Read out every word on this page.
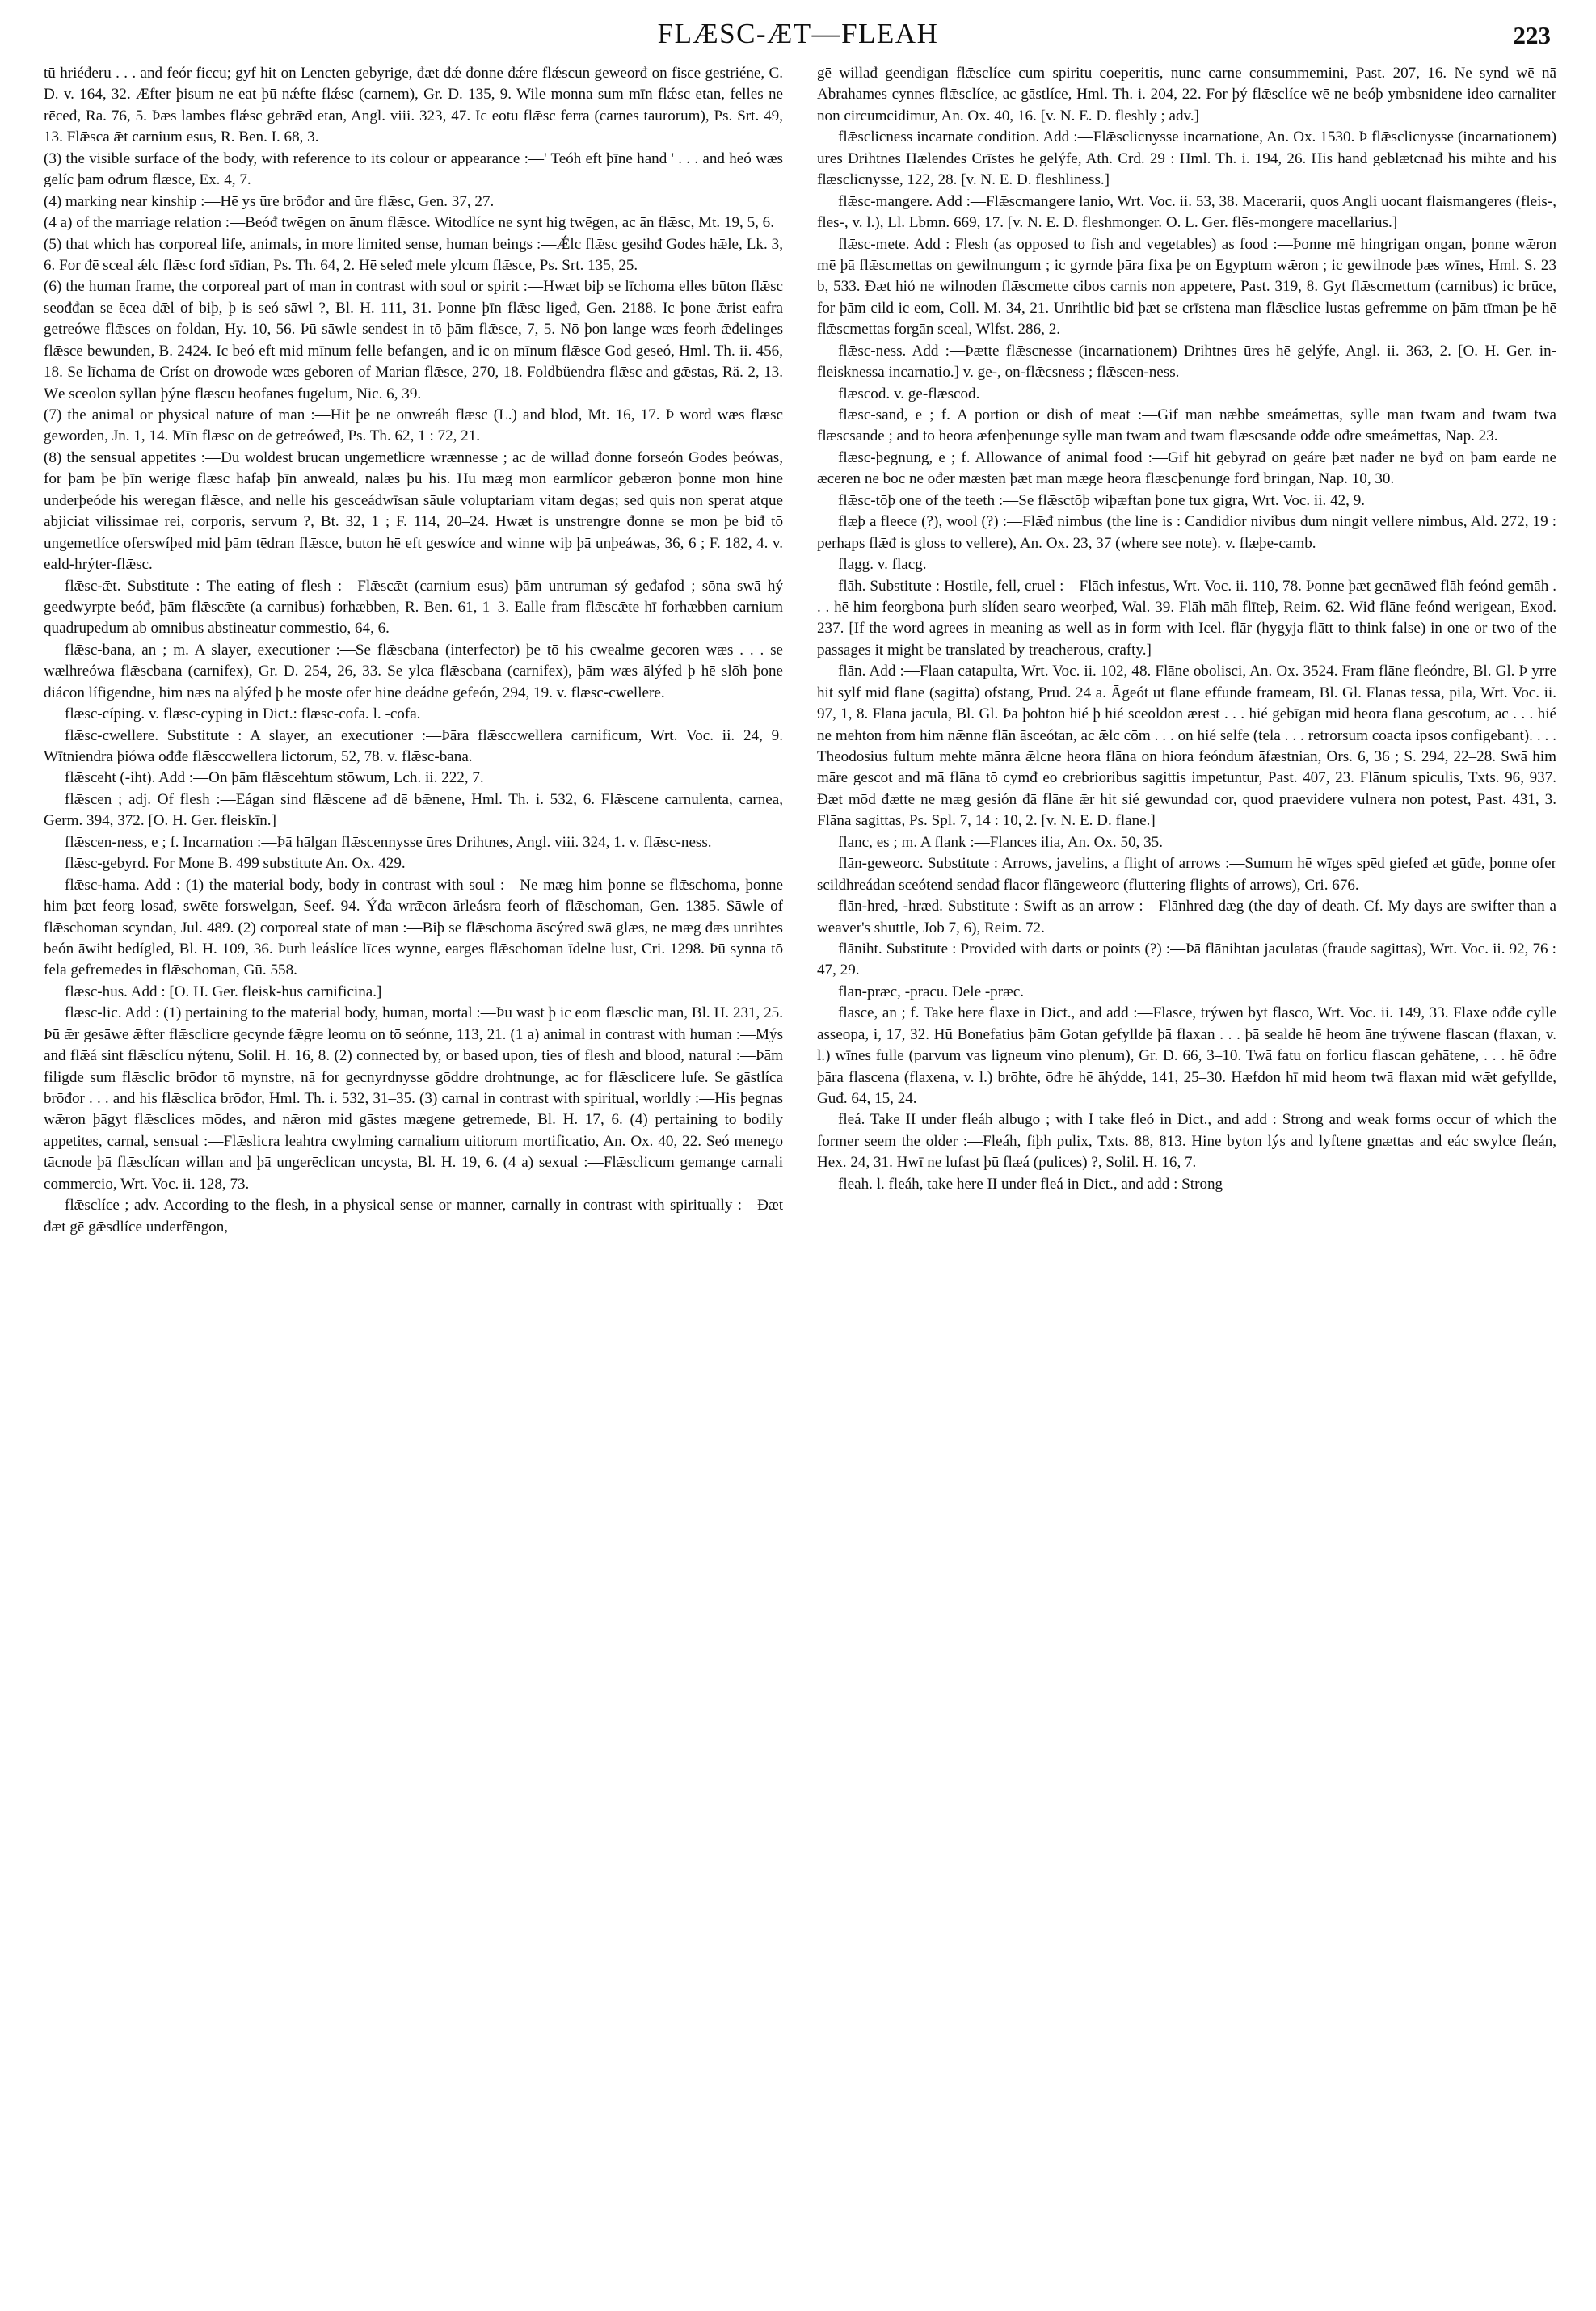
FLÆSC-ÆT—FLEAH	223

tū hriéđeru . . . and feór ficcu; gyf hit on Lencten gebyrige, đæt đǽ đonne đǽre flǽscun geweorđ on fisce gestriéne, C. D. v. 164, 32. Æfter þisum ne eat þū nǽfte flǽsc (carnem), Gr. D. 135, 9. Wile monna sum mīn flǽsc etan, felles ne rēceđ, Ra. 76, 5. Þæs lambes flǽsc gebrǣd etan, Angl. viii. 323, 47. Ic eotu flǣsc ferra (carnes taurorum), Ps. Srt. 49, 13. Flǣsca ǣt carnium esus, R. Ben. I. 68, 3.

(3) the visible surface of the body, with reference to its colour or appearance :—' Teóh eft þīne hand ' . . . and heó wæs gelíc þām ōđrum flǣsce, Ex. 4, 7.

(4) marking near kinship :—Hē ys ūre brōđor and ūre flǣsc, Gen. 37, 27.

(4 a) of the marriage relation :—Beóđ twēgen on ānum flǣsce. Witodlíce ne synt hig twēgen, ac ān flǣsc, Mt. 19, 5, 6.

(5) that which has corporeal life, animals, in more limited sense, human beings :—Ǽlc flǣsc gesihđ Godes hǣle, Lk. 3, 6. For đē sceal ǽlc flǣsc forđ sīđian, Ps. Th. 64, 2. Hē seleđ mele ylcum flǣsce, Ps. Srt. 135, 25.

(6) the human frame, the corporeal part of man in contrast with soul or spirit :—Hwæt biþ se līchoma elles būton flǣsc seođđan se ēcea dǣl of biþ, þ is seó sāwl ?, Bl. H. 111, 31. Þonne þīn flǣsc ligeđ, Gen. 2188. Ic þone ǣrist eafra getreówe flǣsces on foldan, Hy. 10, 56. Þū sāwle sendest in tō þām flǣsce, 7, 5. Nō þon lange wæs feorh ǣđelinges flǣsce bewunden, B. 2424. Ic beó eft mid mīnum felle befangen, and ic on mīnum flǣsce God geseó, Hml. Th. ii. 456, 18. Se līchama đe Críst on đrowode wæs geboren of Marian flǣsce, 270, 18. Foldbüendra flǣsc and gǣstas, Rä. 2, 13. Wē sceolon syllan þýne flǣscu heofanes fugelum, Nic. 6, 39.

(7) the animal or physical nature of man :—Hit þē ne onwreáh flǣsc (L.) and blōd, Mt. 16, 17. Þ word wæs flǣsc geworden, Jn. 1, 14. Mīn flǣsc on dē getreóweđ, Ps. Th. 62, 1 : 72, 21.

(8) the sensual appetites :—Đū woldest brūcan ungemetlicre wrǣnnesse ; ac dē willađ đonne forseón Godes þeówas, for þām þe þīn wērige flǣsc hafaþ þīn anweald, nalæs þū his. Hū mæg mon earmlícor gebǣron þonne mon hine underþeóde his weregan flǣsce, and nelle his gesceádwīsan sāule voluptariam vitam degas; sed quis non sperat atque abjiciat vilissimae rei, corporis, servum ?, Bt. 32, 1 ; F. 114, 20–24. Hwæt is unstrengre đonne se mon þe biđ tō ungemetlíce oferswíþed mid þām tēdran flǣsce, buton hē eft geswíce and winne wiþ þā unþeáwas, 36, 6 ; F. 182, 4. v. eald-hrýter-flǣsc.

flǣsc-ǣt. Substitute : The eating of flesh :—Flǣscǣt (carnium esus) þām untruman sý geđafod ; sōna swā hý geedwyrpte beóđ, þām flǣscǣte (a carnibus) forhæbben, R. Ben. 61, 1–3. Ealle fram flǣscǣte hī forhæbben carnium quadrupedum ab omnibus abstineatur commestio, 64, 6.

flǣsc-bana, an ; m. A slayer, executioner :—Se flǣscbana (interfector) þe tō his cwealme gecoren wæs . . . se wælhreówa flǣscbana (carnifex), Gr. D. 254, 26, 33. Se ylca flǣscbana (carnifex), þām wæs ālýfed þ hē slōh þone diácon lífigendne, him næs nā ālýfed þ hē mōste ofer hine deádne gefeón, 294, 19. v. flǣsc-cwellere.

flǣsc-cíping. v. flǣsc-cyping in Dict.: flǣsc-cōfa. l. -cofa.

flǣsc-cwellere. Substitute : A slayer, an executioner :—Þāra flǣsccwellera carnificum, Wrt. Voc. ii. 24, 9. Wītniendra þiówa ođđe flǣsccwellera lictorum, 52, 78. v. flǣsc-bana.

flǣsceht (-iht). Add :—On þām flǣscehtum stōwum, Lch. ii. 222, 7.

flǣscen ; adj. Of flesh :—Eágan sind flǣscene ađ dē bǣnene, Hml. Th. i. 532, 6. Flǣscene carnulenta, carnea, Germ. 394, 372. [O. H. Ger. fleiskīn.]

flǣscen-ness, e ; f. Incarnation :—Þā hālgan flǣscennysse ūres Drihtnes, Angl. viii. 324, 1. v. flǣsc-ness.

flǣsc-gebyrd. For Mone B. 499 substitute An. Ox. 429.

flǣsc-hama. Add : (1) the material body, body in contrast with soul :—Ne mæg him þonne se flǣschoma, þonne him þæt feorg losađ, swēte forswelgan, Seef. 94. Ýđa wrǣcon ārleásra feorh of flǣschoman, Gen. 1385. Sāwle of flǣschoman scyndan, Jul. 489. (2) corporeal state of man :—Biþ se flǣschoma āscýred swā glæs, ne mæg đæs unrihtes beón āwiht bedígled, Bl. H. 109, 36. Þurh leáslíce līces wynne, earges flǣschoman īdelne lust, Cri. 1298. Þū synna tō fela gefremedes in flǣschoman, Gū. 558.

flǣsc-hūs. Add : [O. H. Ger. fleisk-hūs carnificina.]

flǣsc-lic. Add : (1) pertaining to the material body, human, mortal :—Þū wāst þ ic eom flǣsclic man, Bl. H. 231, 25. Þū ǣr gesāwe ǣfter flǣsclicre gecynde fǣgre leomu on tō seónne, 113, 21. (1 a) animal in contrast with human :—Mýs and flǣá sint flǣsclícu nýtenu, Solil. H. 16, 8. (2) connected by, or based upon, ties of flesh and blood, natural :—Þām filigde sum flǣsclic brōđor tō mynstre, nā for gecnyrdnysse gōddre drohtnunge, ac for flǣsclicere luſe. Se gāstlíca brōđor . . . and his flǣsclica brōđor, Hml. Th. i. 532, 31–35. (3) carnal in contrast with spiritual, worldly :—His þegnas wǣron þāgyt flǣsclices mōdes, and nǣron mid gāstes mægene getremede, Bl. H. 17, 6. (4) pertaining to bodily appetites, carnal, sensual :—Flǣslicra leahtra cwylming carnalium uitiorum mortificatio, An. Ox. 40, 22. Seó menego tācnode þā flǣsclícan willan and þā ungerēclican uncysta, Bl. H. 19, 6. (4 a) sexual :—Flǣsclicum gemange carnali commercio, Wrt. Voc. ii. 128, 73.

flǣsclíce ; adv. According to the flesh, in a physical sense or manner, carnally in contrast with spiritually :—Đæt đæt gē gǣsdlíce underfēngon,

gē willađ geendigan flǣsclíce cum spiritu coeperitis, nunc carne consummemini, Past. 207, 16. Ne synd wē nā Abrahames cynnes flǣsclíce, ac gāstlíce, Hml. Th. i. 204, 22. For þý flǣsclíce wē ne beóþ ymbsnidene ideo carnaliter non circumcidimur, An. Ox. 40, 16. [v. N. E. D. fleshly ; adv.]

flǣsclicness incarnate condition. Add :—Flǣsclicnysse incarnatione, An. Ox. 1530. Þ flǣsclicnysse (incarnationem) ūres Drihtnes Hǣlendes Crīstes hē gelýfe, Ath. Crd. 29 : Hml. Th. i. 194, 26. His hand geblǣtcnađ his mihte and his flǣsclicnysse, 122, 28. [v. N. E. D. fleshliness.]

flǣsc-mangere. Add :—Flǣscmangere lanio, Wrt. Voc. ii. 53, 38. Macerarii, quos Angli uocant flaismangeres (fleis-, fles-, v. l.), Ll. Lbmn. 669, 17. [v. N. E. D. fleshmonger. O. L. Ger. flēs-mongere macellarius.]

flǣsc-mete. Add : Flesh (as opposed to fish and vegetables) as food :—Þonne mē hingrigan ongan, þonne wǣron mē þā flǣscmettas on gewilnungum ; ic gyrnde þāra fixa þe on Egyptum wǣron ; ic gewilnode þæs wīnes, Hml. S. 23 b, 533. Đæt hió ne wilnoden flǣscmette cibos carnis non appetere, Past. 319, 8. Gyt flǣscmettum (carnibus) ic brūce, for þām cild ic eom, Coll. M. 34, 21. Unrihtlic biđ þæt se crīstena man flǣsclice lustas gefremme on þām tīman þe hē flǣscmettas forgān sceal, Wlfst. 286, 2.

flǣsc-ness. Add :—Þætte flǣscnesse (incarnationem) Drihtnes ūres hē gelýfe, Angl. ii. 363, 2. [O. H. Ger. in-fleisknessa incarnatio.] v. ge-, on-flǣcsness ; flǣscen-ness.

flǣscod. v. ge-flǣscod.

flǣsc-sand, e ; f. A portion or dish of meat :—Gif man næbbe smeámettas, sylle man twām and twām twā flǣscsande ; and tō heora ǣfenþēnunge sylle man twām and twām flǣscsande ođđe ōđre smeámettas, Nap. 23.

flǣsc-þegnung, e ; f. Allowance of animal food :—Gif hit gebyrađ on geáre þæt nāđer ne byđ on þām earde ne æceren ne bōc ne ōđer mæsten þæt man mæge heora flǣscþēnunge forđ bringan, Nap. 10, 30.

flǣsc-tōþ one of the teeth :—Se flǣsctōþ wiþæftan þone tux gigra, Wrt. Voc. ii. 42, 9.

flæþ a fleece (?), wool (?) :—Flǣđ nimbus (the line is : Candidior nivibus dum ningit vellere nimbus, Ald. 272, 19 : perhaps flǣđ is gloss to vellere), An. Ox. 23, 37 (where see note). v. flæþe-camb.

flagg. v. flacg.

flāh. Substitute : Hostile, fell, cruel :—Flāch infestus, Wrt. Voc. ii. 110, 78. Þonne þæt gecnāweđ flāh feónd gemāh . . . hē him feorgbona þurh slíđen searo weorþeđ, Wal. 39. Flāh māh flīteþ, Reim. 62. Wiđ flāne feónd werigean, Exod. 237. [If the word agrees in meaning as well as in form with Icel. flār (hygyja flātt to think false) in one or two of the passages it might be translated by treacherous, crafty.]

flān. Add :—Flaan catapulta, Wrt. Voc. ii. 102, 48. Flāne obolisci, An. Ox. 3524. Fram flāne fleóndre, Bl. Gl. Þ yrre hit sylf mid flāne (sagitta) ofstang, Prud. 24 a. Āgeót ūt flāne effunde frameam, Bl. Gl. Flānas tessa, pila, Wrt. Voc. ii. 97, 1, 8. Flāna jacula, Bl. Gl. Þā þōhton hié þ hié sceoldon ǣrest . . . hié gebīgan mid heora flāna gescotum, ac . . . hié ne mehton from him nǣnne flān āsceótan, ac ǣlc cōm . . . on hié selfe (tela . . . retrorsum coacta ipsos configebant). . . . Theodosius fultum mehte mānra ǣlcne heora flāna on hiora feóndum āfæstnian, Ors. 6, 36 ; S. 294, 22–28. Swā him māre gescot and mā flāna tō cymđ eo crebrioribus sagittis impetuntur, Past. 407, 23. Flānum spiculis, Txts. 96, 937. Đæt mōd đætte ne mæg gesión đā flāne ǣr hit sié gewundad cor, quod praevidere vulnera non potest, Past. 431, 3. Flāna sagittas, Ps. Spl. 7, 14 : 10, 2. [v. N. E. D. flane.]

flanc, es ; m. A flank :—Flances ilia, An. Ox. 50, 35.

flān-geweorc. Substitute : Arrows, javelins, a flight of arrows :—Sumum hē wīges spēd giefeđ æt gūđe, þonne ofer scildhreádan sceótend sendađ flacor flāngeweorc (fluttering flights of arrows), Cri. 676.

flān-hred, -hræd. Substitute : Swift as an arrow :—Flānhred dæg (the day of death. Cf. My days are swifter than a weaver's shuttle, Job 7, 6), Reim. 72.

flāniht. Substitute : Provided with darts or points (?) :—Þā flānihtan jaculatas (fraude sagittas), Wrt. Voc. ii. 92, 76 : 47, 29.

flān-præc, -pracu. Dele -præc.

flasce, an ; f. Take here flaxe in Dict., and add :—Flasce, trýwen byt flasco, Wrt. Voc. ii. 149, 33. Flaxe ođđe cylle asseopa, i, 17, 32. Hū Bonefatius þām Gotan gefyllde þā flaxan . . . þā sealde hē heom āne trýwene flascan (flaxan, v. l.) wīnes fulle (parvum vas ligneum vino plenum), Gr. D. 66, 3–10. Twā fatu on forlicu flascan gehātene, . . . hē ōđre þāra flascena (flaxena, v. l.) brōhte, ōđre hē āhýdde, 141, 25–30. Hæfdon hī mid heom twā flaxan mid wǣt gefyllde, Guđ. 64, 15, 24.

fleá. Take II under fleáh albugo ; with I take fleó in Dict., and add : Strong and weak forms occur of which the former seem the older :—Fleáh, fiþh pulix, Txts. 88, 813. Hine byton lýs and lyftene gnættas and eác swylce fleán, Hex. 24, 31. Hwī ne lufast þū flæá (pulices) ?, Solil. H. 16, 7.

fleah. l. fleáh, take here II under fleá in Dict., and add : Strong
